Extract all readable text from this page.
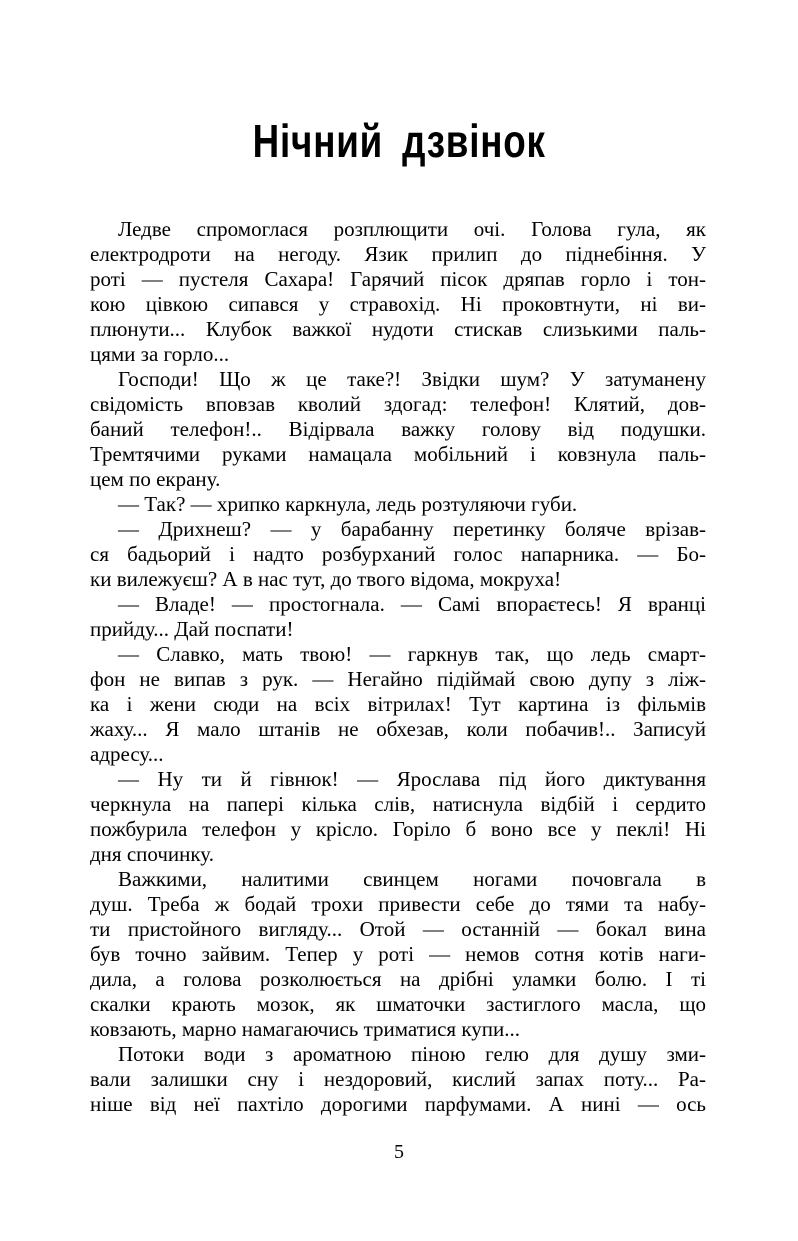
Нічний дзвінок
Ледве спромоглася розплющити очі. Голова гула, як
електродроти на негоду. Язик прилип до піднебіння. У
роті — пустеля Сахара! Гарячий пісок дряпав горло і тон-
кою цівкою сипався у стравохід. Ні проковтнути, ні ви-
плюнути... Клубок важкої нудоти стискав слизькими паль-
цями за горло...
Господи! Що ж це таке?! Звідки шум? У затуманену
свідомість вповзав кволий здогад: телефон! Клятий, дов-
баний телефон!.. Відірвала важку голову від подушки.
Тремтячими руками намацала мобільний і ковзнула паль-
цем по екрану.
— Так? — хрипко каркнула, ледь розтуляючи губи.
— Дрихнеш? — у барабанну перетинку боляче врізав-
ся бадьорий і надто розбурханий голос напарника. — Бо-
ки вилежуєш? А в нас тут, до твого відома, мокруха!
— Владе! — простогнала. — Самі впораєтесь! Я вранці
прийду... Дай поспати!
— Славко, мать твою! — гаркнув так, що ледь смарт-
фон не випав з рук. — Негайно підіймай свою дупу з ліж-
ка і жени сюди на всіх вітрилах! Тут картина із фільмів
жаху... Я мало штанів не обхезав, коли побачив!.. Записуй
адресу...
— Ну ти й гівнюк! — Ярослава під його диктування
черкнула на папері кілька слів, натиснула відбій і сердито
пожбурила телефон у крісло. Горіло б воно все у пеклі! Ні
дня спочинку.
Важкими, налитими свинцем ногами почовгала в
душ. Треба ж бодай трохи привести себе до тями та набу-
ти пристойного вигляду... Отой — останній — бокал вина
був точно зайвим. Тепер у роті — немов сотня котів наги-
дила, а голова розколюється на дрібні уламки болю. І ті
скалки крають мозок, як шматочки застиглого масла, що
ковзають, марно намагаючись триматися купи...
Потоки води з ароматною піною гелю для душу зми-
вали залишки сну і нездоровий, кислий запах поту... Ра-
ніше від неї пахтіло дорогими парфумами. А нині — ось
5
